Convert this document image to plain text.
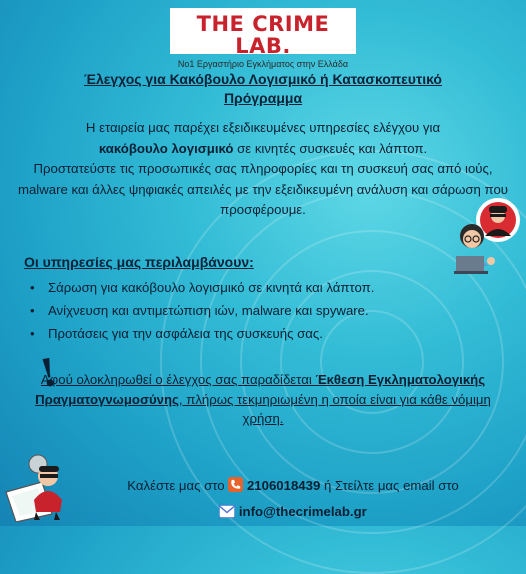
THE CRIME LAB.
No1 Εργαστήριο Εγκλήματος στην Ελλάδα
Έλεγχος για Κακόβουλο Λογισμικό ή Κατασκοπευτικό
Πρόγραμμα
Η εταιρεία μας παρέχει εξειδικευμένες υπηρεσίες ελέγχου για
κακόβουλο λογισμικό σε κινητές συσκευές και λάπτοπ.
Προστατεύστε τις προσωπικές σας πληροφορίες και τη συσκευή σας από ιούς, malware και άλλες ψηφιακές απειλές με την εξειδικευμένη ανάλυση και σάρωση που προσφέρουμε.
Οι υπηρεσίες μας περιλαμβάνουν:
• Σάρωση για κακόβουλο λογισμικό σε κινητά και λάπτοπ.
• Ανίχνευση και αντιμετώπιση ιών, malware και spyware.
• Προτάσεις για την ασφάλεια της συσκευής σας.
!
Αφού ολοκληρωθεί ο έλεγχος σας παραδίδεται Έκθεση Εγκληματολογικής Πραγματογνωμοσύνης, πλήρως τεκμηριωμένη η οποία είναι για κάθε νόμιμη χρήση.
Καλέστε μας στο  2106018439 ή Στείλτε μας email στο
info@thecrimelab.gr
